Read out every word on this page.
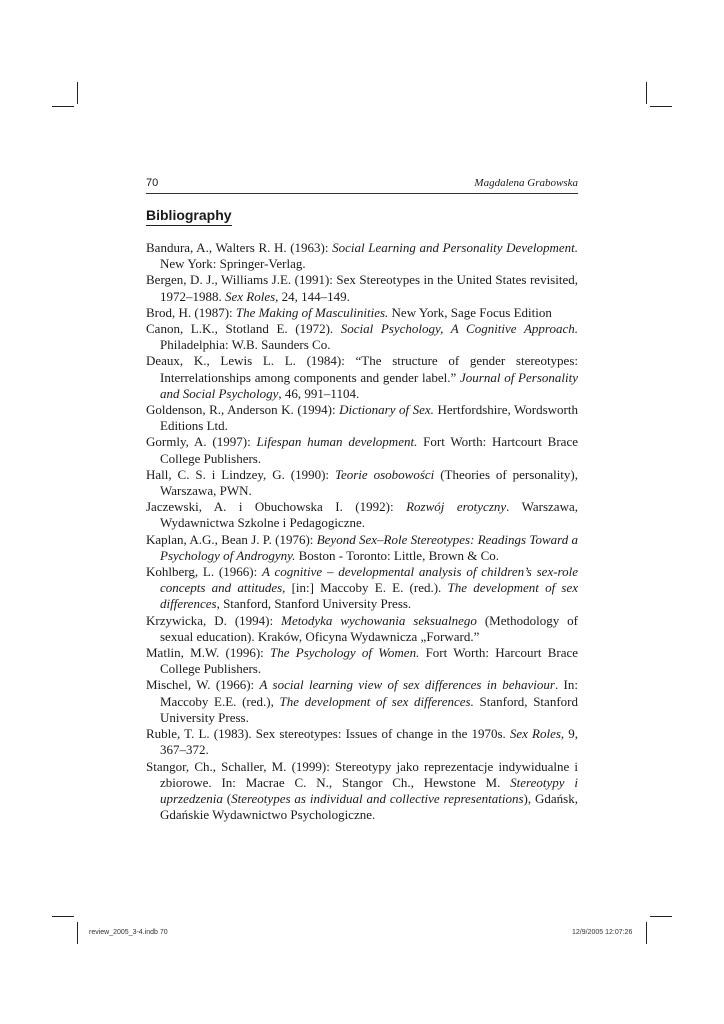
70	Magdalena Grabowska
Bibliography

Bandura, A., Walters R. H. (1963): Social Learning and Personality Development. New York: Springer-Verlag.

Bergen, D. J., Williams J.E. (1991): Sex Stereotypes in the United States revisited, 1972–1988. Sex Roles, 24, 144–149.

Brod, H. (1987): The Making of Masculinities. New York, Sage Focus Edition

Canon, L.K., Stotland E. (1972). Social Psychology, A Cognitive Approach. Philadelphia: W.B. Saunders Co.

Deaux, K., Lewis L. L. (1984): “The structure of gender stereotypes: Interrelationships among components and gender label.” Journal of Personality and Social Psychology, 46, 991–1104.

Goldenson, R., Anderson K. (1994): Dictionary of Sex. Hertfordshire, Wordsworth Editions Ltd.

Gormly, A. (1997): Lifespan human development. Fort Worth: Hartcourt Brace College Publishers.

Hall, C. S. i Lindzey, G. (1990): Teorie osobowości (Theories of personality), Warszawa, PWN.

Jaczewski, A. i Obuchowska I. (1992): Rozwój erotyczny. Warszawa, Wydawnictwa Szkolne i Pedagogiczne.

Kaplan, A.G., Bean J. P. (1976): Beyond Sex–Role Stereotypes: Readings Toward a Psychology of Androgyny. Boston - Toronto: Little, Brown & Co.

Kohlberg, L. (1966): A cognitive – developmental analysis of children’s sex-role concepts and attitudes, [in:] Maccoby E. E. (red.). The development of sex differences, Stanford, Stanford University Press.

Krzywicka, D. (1994): Metodyka wychowania seksualnego (Methodology of sexual education). Kraków, Oficyna Wydawnicza „Forward.”

Matlin, M.W. (1996): The Psychology of Women. Fort Worth: Harcourt Brace College Publishers.

Mischel, W. (1966): A social learning view of sex differences in behaviour. In: Maccoby E.E. (red.), The development of sex differences. Stanford, Stanford University Press.

Ruble, T. L. (1983). Sex stereotypes: Issues of change in the 1970s. Sex Roles, 9, 367–372.

Stangor, Ch., Schaller, M. (1999): Stereotypy jako reprezentacje indywidualne i zbiorowe. In: Macrae C. N., Stangor Ch., Hewstone M. Stereotypy i uprzedzenia (Stereotypes as individual and collective representations), Gdańsk, Gdańskie Wydawnictwo Psychologiczne.

review_2005_3-4.indb 70	12/9/2005 12:07:26
